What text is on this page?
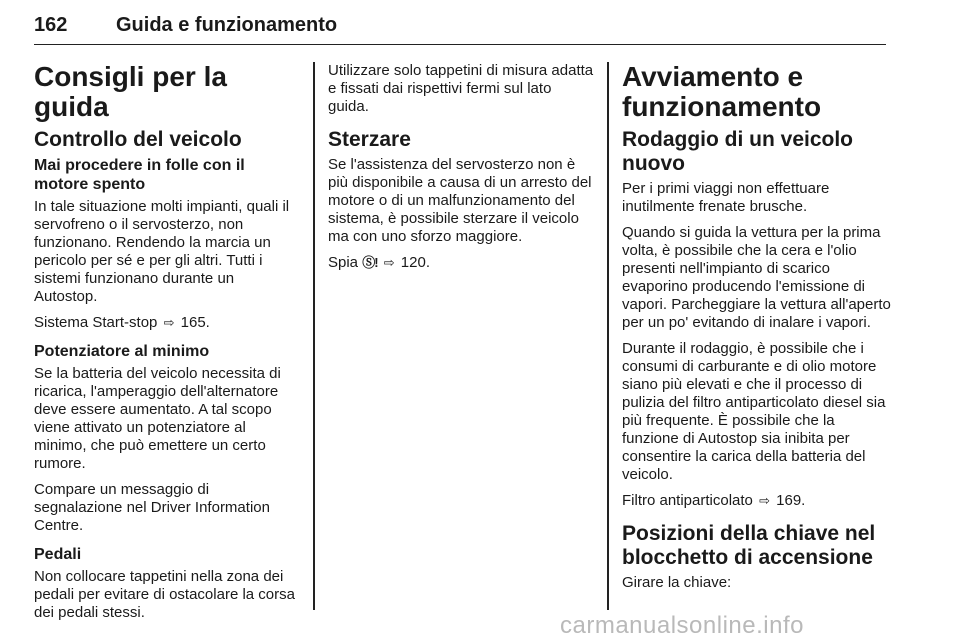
162 Guida e funzionamento
Consigli per la guida
Controllo del veicolo
Mai procedere in folle con il motore spento

In tale situazione molti impianti, quali il servofreno o il servosterzo, non funzionano. Rendendo la marcia un pericolo per sé e per gli altri. Tutti i sistemi funzionano durante un Autostop.

Sistema Start-stop ⇨ 165.

Potenziatore al minimo

Se la batteria del veicolo necessita di ricarica, l'amperaggio dell'alternatore deve essere aumentato. A tal scopo viene attivato un potenziatore al minimo, che può emettere un certo rumore.

Compare un messaggio di segnalazione nel Driver Information Centre.

Pedali

Non collocare tappetini nella zona dei pedali per evitare di ostacolare la corsa dei pedali stessi.

Utilizzare solo tappetini di misura adatta e fissati dai rispettivi fermi sul lato guida.

Sterzare

Se l'assistenza del servosterzo non è più disponibile a causa di un arresto del motore o di un malfunzionamento del sistema, è possibile sterzare il veicolo ma con uno sforzo maggiore.

Spia Ⓢ! ⇨ 120.

Avviamento e funzionamento
Rodaggio di un veicolo nuovo

Per i primi viaggi non effettuare inutilmente frenate brusche.

Quando si guida la vettura per la prima volta, è possibile che la cera e l'olio presenti nell'impianto di scarico evaporino producendo l'emissione di vapori. Parcheggiare la vettura all'aperto per un po' evitando di inalare i vapori.

Durante il rodaggio, è possibile che i consumi di carburante e di olio motore siano più elevati e che il processo di pulizia del filtro antiparticolato diesel sia più frequente. È possibile che la funzione di Autostop sia inibita per consentire la carica della batteria del veicolo.

Filtro antiparticolato ⇨ 169.

Posizioni della chiave nel blocchetto di accensione

Girare la chiave:

carmanualsonline.info
